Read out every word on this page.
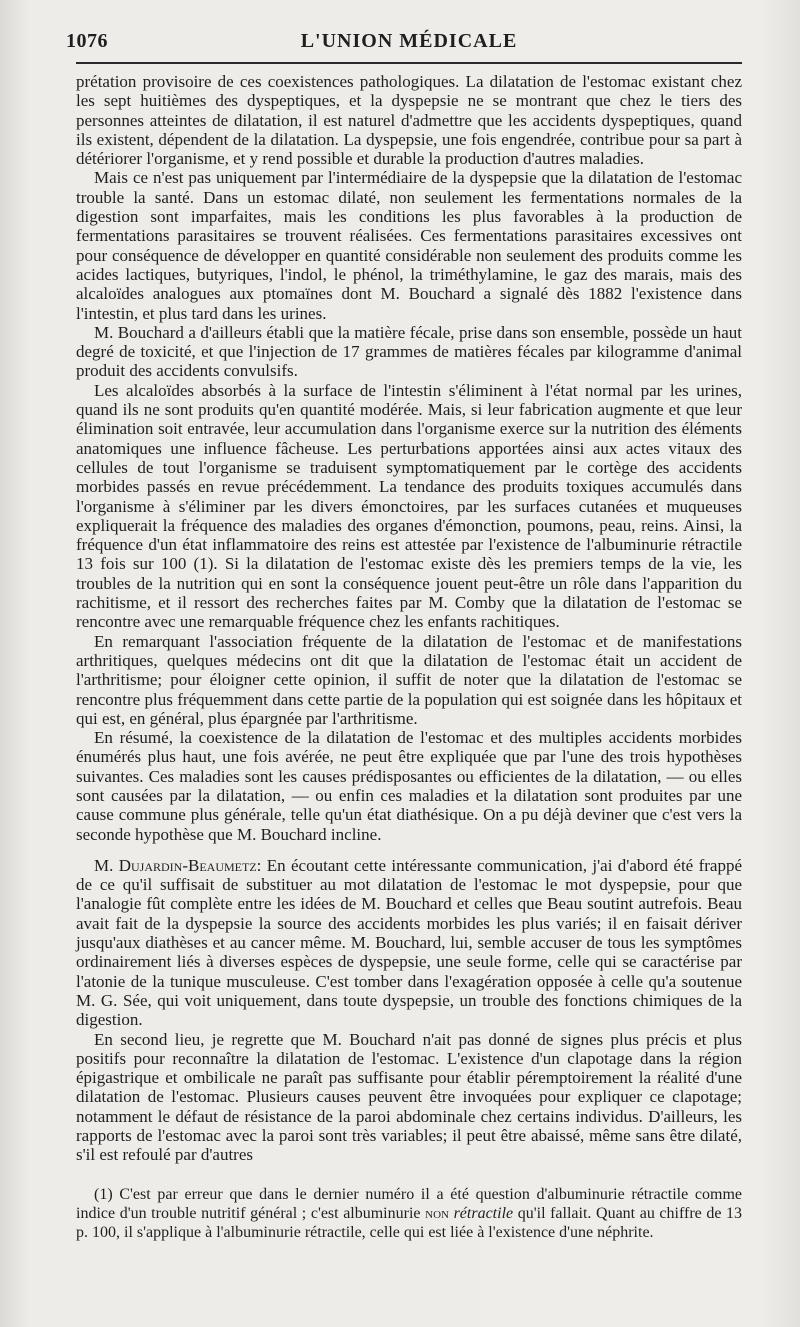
1076	L'UNION MÉDICALE

prétation provisoire de ces coexistences pathologiques. La dilatation de l'estomac existant chez les sept huitièmes des dyspeptiques, et la dyspepsie ne se montrant que chez le tiers des personnes atteintes de dilatation, il est naturel d'admettre que les accidents dyspeptiques, quand ils existent, dépendent de la dilatation. La dyspepsie, une fois engendrée, contribue pour sa part à détériorer l'organisme, et y rend possible et durable la production d'autres maladies.

Mais ce n'est pas uniquement par l'intermédiaire de la dyspepsie que la dilatation de l'estomac trouble la santé. Dans un estomac dilaté, non seulement les fermentations normales de la digestion sont imparfaites, mais les conditions les plus favorables à la production de fermentations parasitaires se trouvent réalisées. Ces fermentations parasitaires excessives ont pour conséquence de développer en quantité considérable non seulement des produits comme les acides lactiques, butyriques, l'indol, le phénol, la triméthylamine, le gaz des marais, mais des alcaloïdes analogues aux ptomaïnes dont M. Bouchard a signalé dès 1882 l'existence dans l'intestin, et plus tard dans les urines.

M. Bouchard a d'ailleurs établi que la matière fécale, prise dans son ensemble, possède un haut degré de toxicité, et que l'injection de 17 grammes de matières fécales par kilogramme d'animal produit des accidents convulsifs.

Les alcaloïdes absorbés à la surface de l'intestin s'éliminent à l'état normal par les urines, quand ils ne sont produits qu'en quantité modérée. Mais, si leur fabrication augmente et que leur élimination soit entravée, leur accumulation dans l'organisme exerce sur la nutrition des éléments anatomiques une influence fâcheuse. Les perturbations apportées ainsi aux actes vitaux des cellules de tout l'organisme se traduisent symptomatiquement par le cortège des accidents morbides passés en revue précédemment. La tendance des produits toxiques accumulés dans l'organisme à s'éliminer par les divers émonctoires, par les surfaces cutanées et muqueuses expliquerait la fréquence des maladies des organes d'émonction, poumons, peau, reins. Ainsi, la fréquence d'un état inflammatoire des reins est attestée par l'existence de l'albuminurie rétractile 13 fois sur 100 (1). Si la dilatation de l'estomac existe dès les premiers temps de la vie, les troubles de la nutrition qui en sont la conséquence jouent peut-être un rôle dans l'apparition du rachitisme, et il ressort des recherches faites par M. Comby que la dilatation de l'estomac se rencontre avec une remarquable fréquence chez les enfants rachitiques.

En remarquant l'association fréquente de la dilatation de l'estomac et de manifestations arthritiques, quelques médecins ont dit que la dilatation de l'estomac était un accident de l'arthritisme; pour éloigner cette opinion, il suffit de noter que la dilatation de l'estomac se rencontre plus fréquemment dans cette partie de la population qui est soignée dans les hôpitaux et qui est, en général, plus épargnée par l'arthritisme.

En résumé, la coexistence de la dilatation de l'estomac et des multiples accidents morbides énumérés plus haut, une fois avérée, ne peut être expliquée que par l'une des trois hypothèses suivantes. Ces maladies sont les causes prédisposantes ou efficientes de la dilatation, — ou elles sont causées par la dilatation, — ou enfin ces maladies et la dilatation sont produites par une cause commune plus générale, telle qu'un état diathésique. On a pu déjà deviner que c'est vers la seconde hypothèse que M. Bouchard incline.

M. Dujardin-Beaumetz: En écoutant cette intéressante communication, j'ai d'abord été frappé de ce qu'il suffisait de substituer au mot dilatation de l'estomac le mot dyspepsie, pour que l'analogie fût complète entre les idées de M. Bouchard et celles que Beau soutint autrefois. Beau avait fait de la dyspepsie la source des accidents morbides les plus variés; il en faisait dériver jusqu'aux diathèses et au cancer même. M. Bouchard, lui, semble accuser de tous les symptômes ordinairement liés à diverses espèces de dyspepsie, une seule forme, celle qui se caractérise par l'atonie de la tunique musculeuse. C'est tomber dans l'exagération opposée à celle qu'a soutenue M. G. Sée, qui voit uniquement, dans toute dyspepsie, un trouble des fonctions chimiques de la digestion.

En second lieu, je regrette que M. Bouchard n'ait pas donné de signes plus précis et plus positifs pour reconnaître la dilatation de l'estomac. L'existence d'un clapotage dans la région épigastrique et ombilicale ne paraît pas suffisante pour établir péremptoirement la réalité d'une dilatation de l'estomac. Plusieurs causes peuvent être invoquées pour expliquer ce clapotage; notamment le défaut de résistance de la paroi abdominale chez certains individus. D'ailleurs, les rapports de l'estomac avec la paroi sont très variables; il peut être abaissé, même sans être dilaté, s'il est refoulé par d'autres

(1) C'est par erreur que dans le dernier numéro il a été question d'albuminurie rétractile comme indice d'un trouble nutritif général ; c'est albuminurie non rétractile qu'il fallait. Quant au chiffre de 13 p. 100, il s'applique à l'albuminurie rétractile, celle qui est liée à l'existence d'une néphrite.
